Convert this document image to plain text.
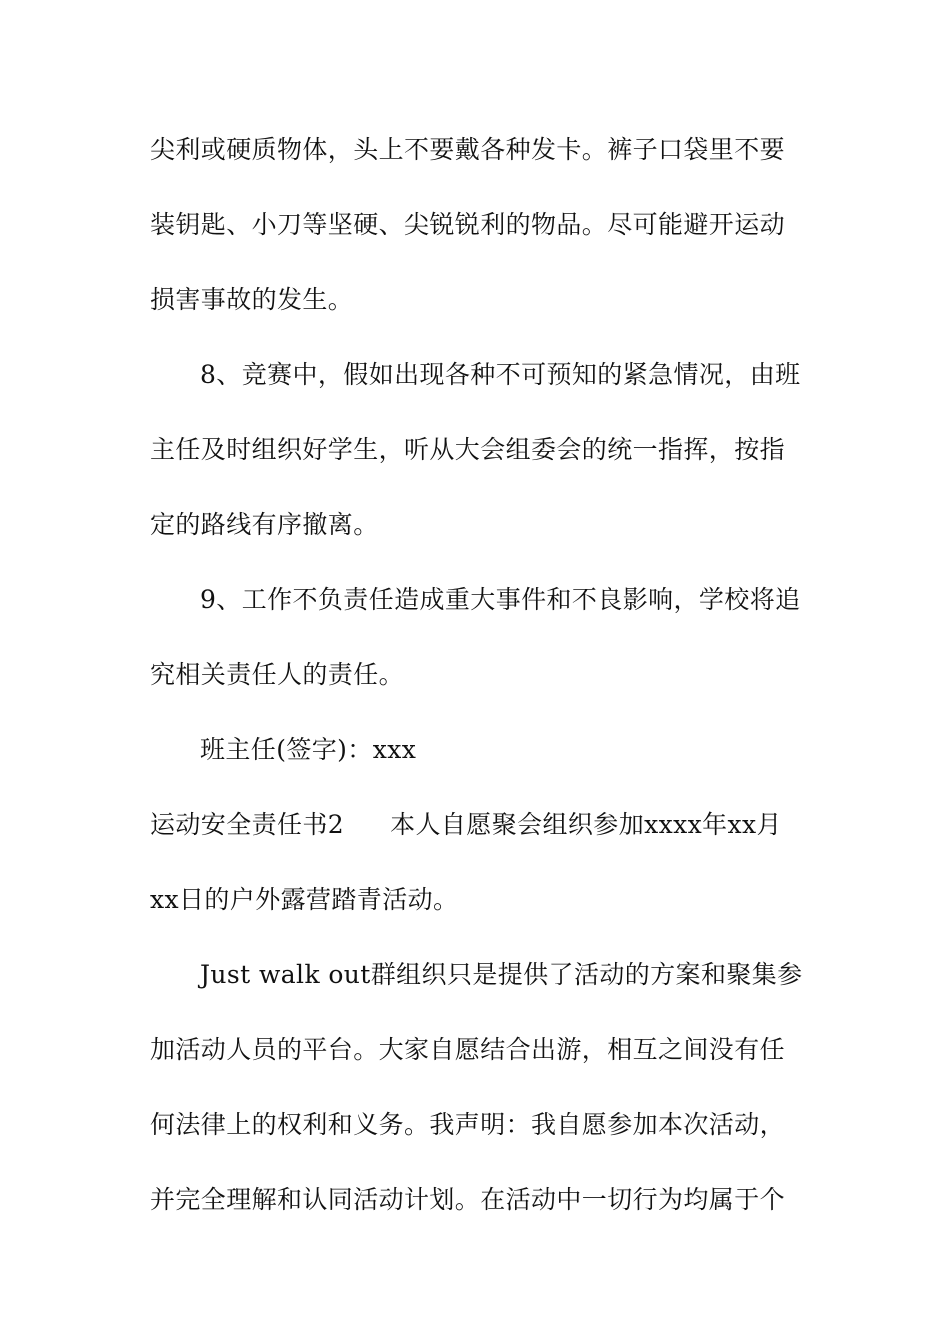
尖利或硬质物体，头上不要戴各种发卡。裤子口袋里不要
装钥匙、小刀等坚硬、尖锐锐利的物品。尽可能避开运动
损害事故的发生。
8、竞赛中，假如出现各种不可预知的紧急情况，由班
主任及时组织好学生，听从大会组委会的统一指挥，按指
定的路线有序撤离。
9、工作不负责任造成重大事件和不良影响，学校将追
究相关责任人的责任。
班主任(签字)：xxx
运动安全责任书2 本人自愿聚会组织参加xxxx年xx月
xx日的户外露营踏青活动。
Just walk out群组织只是提供了活动的方案和聚集参
加活动人员的平台。大家自愿结合出游，相互之间没有任
何法律上的权利和义务。我声明：我自愿参加本次活动，
并完全理解和认同活动计划。在活动中一切行为均属于个
